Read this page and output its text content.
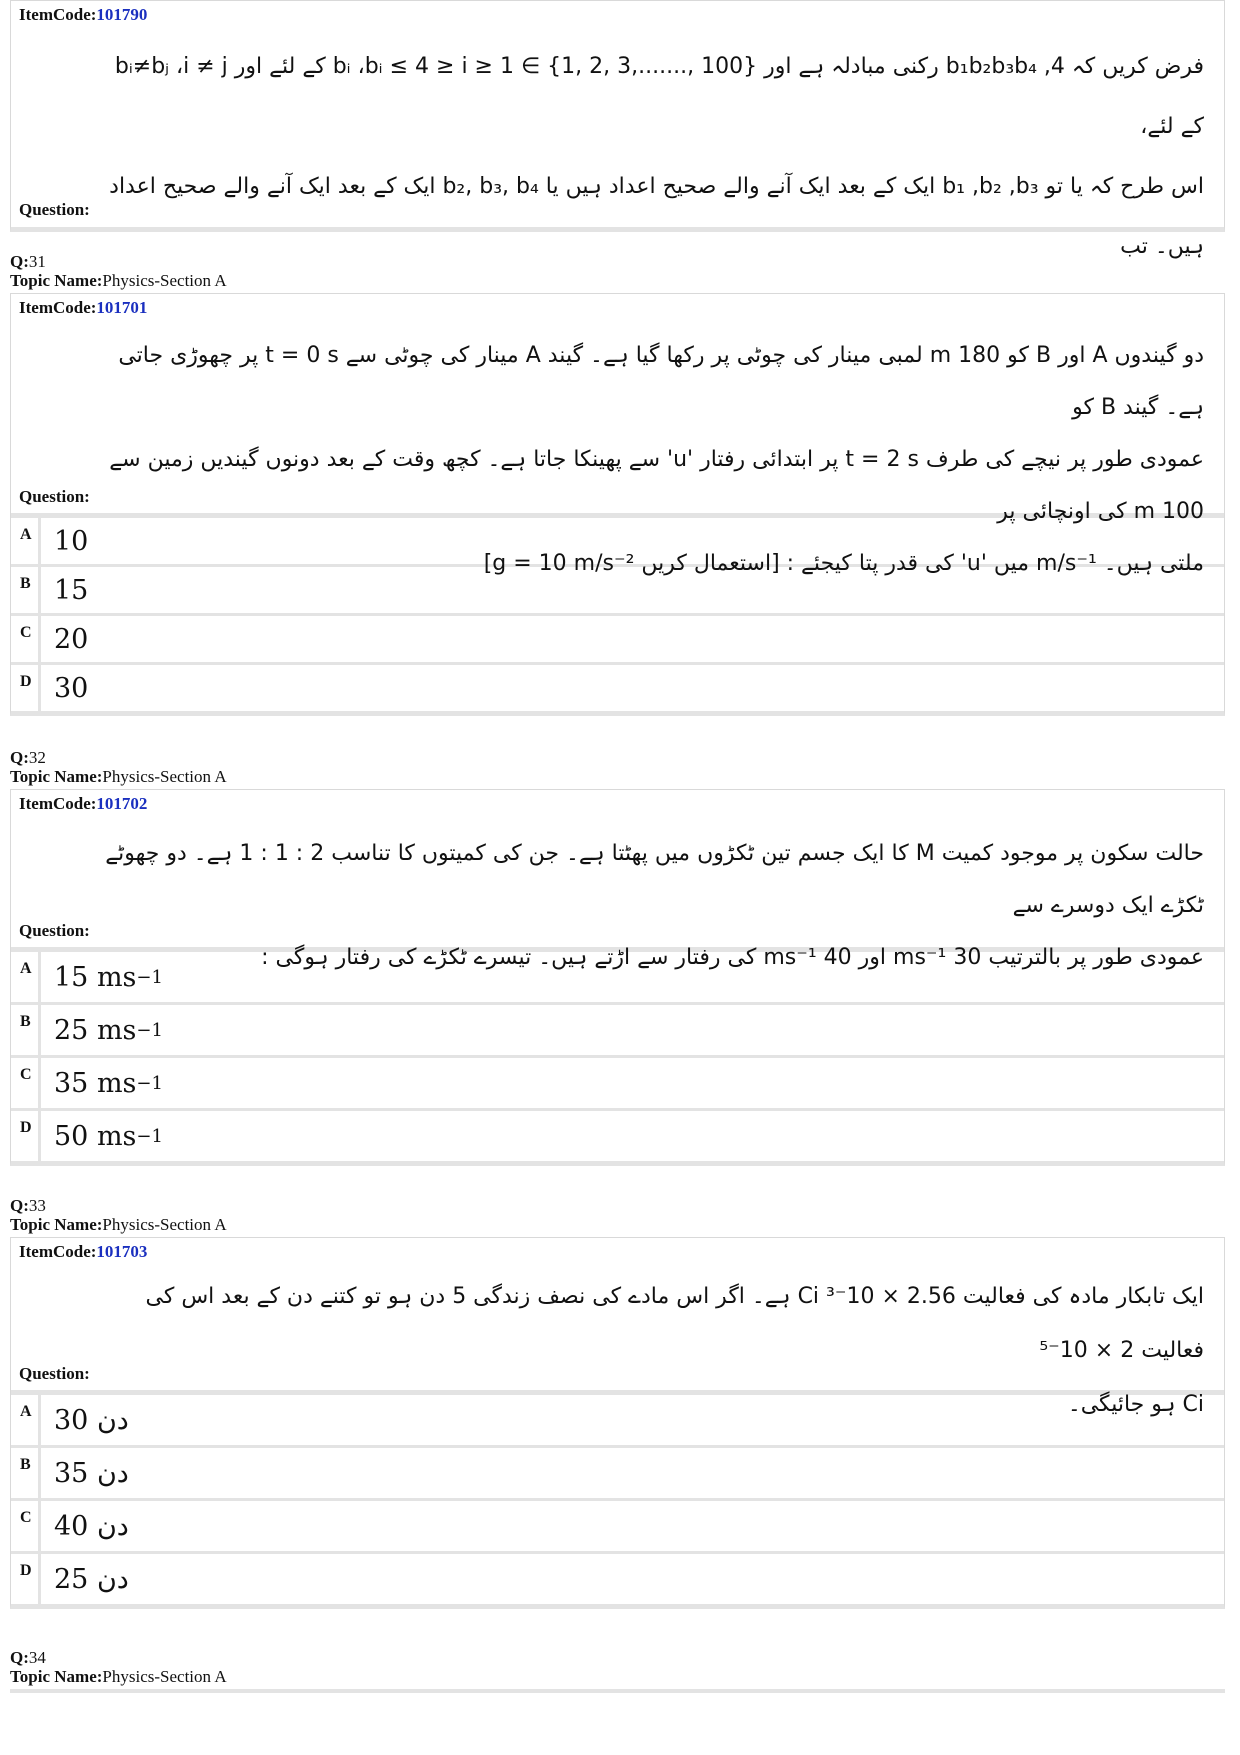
ItemCode:101790

فرض کریں کہ b₁b₂b₃b₄ ,4 رکنی مبادلہ ہے اور {100 ,.......,3 ,2 ,1} ∋ bᵢ ،bᵢ ≤ 4 ≥ i ≥ 1 کے لئے اور bᵢ≠bⱼ ،i ≠ j کے لئے،

اس طرح کہ یا تو b₁ ,b₂ ,b₃ ایک کے بعد ایک آنے والے صحیح اعداد ہیں یا b₂, b₃, b₄ ایک کے بعد ایک آنے والے صحیح اعداد ہیں۔ تب

Question:
Q:31
Topic Name:Physics-Section A
ItemCode:101701

دو گیندوں A اور B کو 180 m لمبی مینار کی چوٹی پر رکھا گیا ہے۔ گیند A مینار کی چوٹی سے t = 0 s پر چھوڑی جاتی ہے۔ گیند B کو

عمودی طور پر نیچے کی طرف t = 2 s پر ابتدائی رفتار 'u' سے پھینکا جاتا ہے۔ کچھ وقت کے بعد دونوں گیندیں زمین سے 100 m کی اونچائی پر

ملتی ہیں۔ m/s⁻¹ میں 'u' کی قدر پتا کیجئے : [استعمال کریں g = 10 m/s⁻²]

Question:
A 10
B 15
C 20
D 30
Q:32
Topic Name:Physics-Section A
ItemCode:101702

حالت سکون پر موجود کمیت M کا ایک جسم تین ٹکڑوں میں پھٹتا ہے۔ جن کی کمیتوں کا تناسب 2 : 1 : 1 ہے۔ دو چھوٹے ٹکڑے ایک دوسرے سے

عمودی طور پر بالترتیب 30 ms⁻¹ اور 40 ms⁻¹ کی رفتار سے اڑتے ہیں۔ تیسرے ٹکڑے کی رفتار ہوگی :

Question:
A 15 ms −1
B 25 ms −1
C 35 ms −1
D 50 ms −1
Q:33
Topic Name:Physics-Section A
ItemCode:101703

ایک تابکار مادہ کی فعالیت 2.56 × 10⁻³ Ci ہے۔ اگر اس مادے کی نصف زندگی 5 دن ہو تو کتنے دن کے بعد اس کی فعالیت 2 × 10⁻⁵

Ci ہو جائیگی۔

Question:
A 30 دن
B 35 دن
C 40 دن
D 25 دن
Q:34
Topic Name:Physics-Section A
